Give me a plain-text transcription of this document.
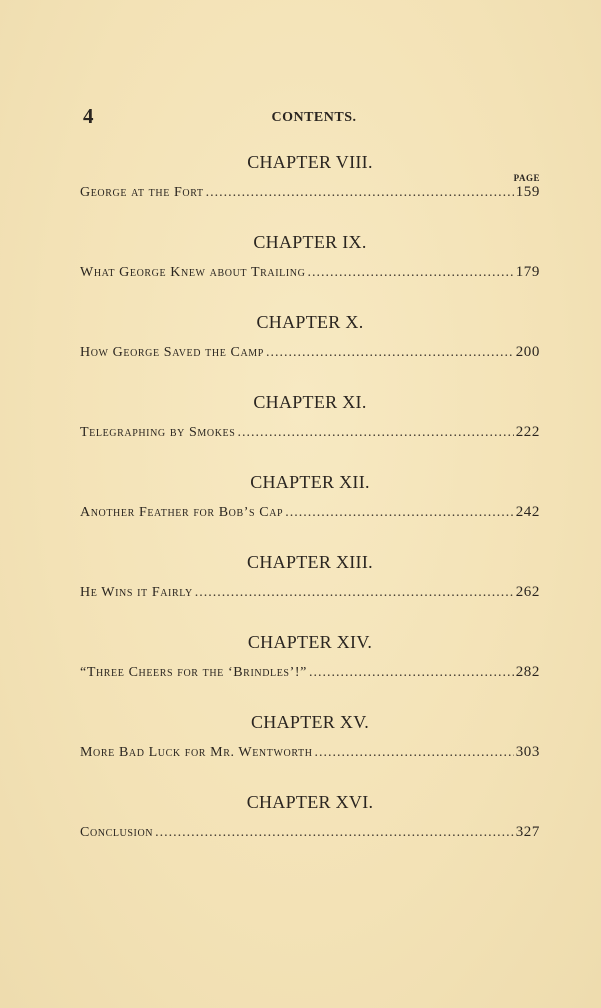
4	CONTENTS.
CHAPTER VIII.
PAGE
George at the Fort .....	159
CHAPTER IX.
What George Knew about Trailing .....	179
CHAPTER X.
How George Saved the Camp .....	200
CHAPTER XI.
Telegraphing by Smokes .....	222
CHAPTER XII.
Another Feather for Bob’s Cap .....	242
CHAPTER XIII.
He Wins it Fairly .....	262
CHAPTER XIV.
“Three Cheers for the ‘Brindles’!” .....	282
CHAPTER XV.
More Bad Luck for Mr. Wentworth .....	303
CHAPTER XVI.
Conclusion .....	327
